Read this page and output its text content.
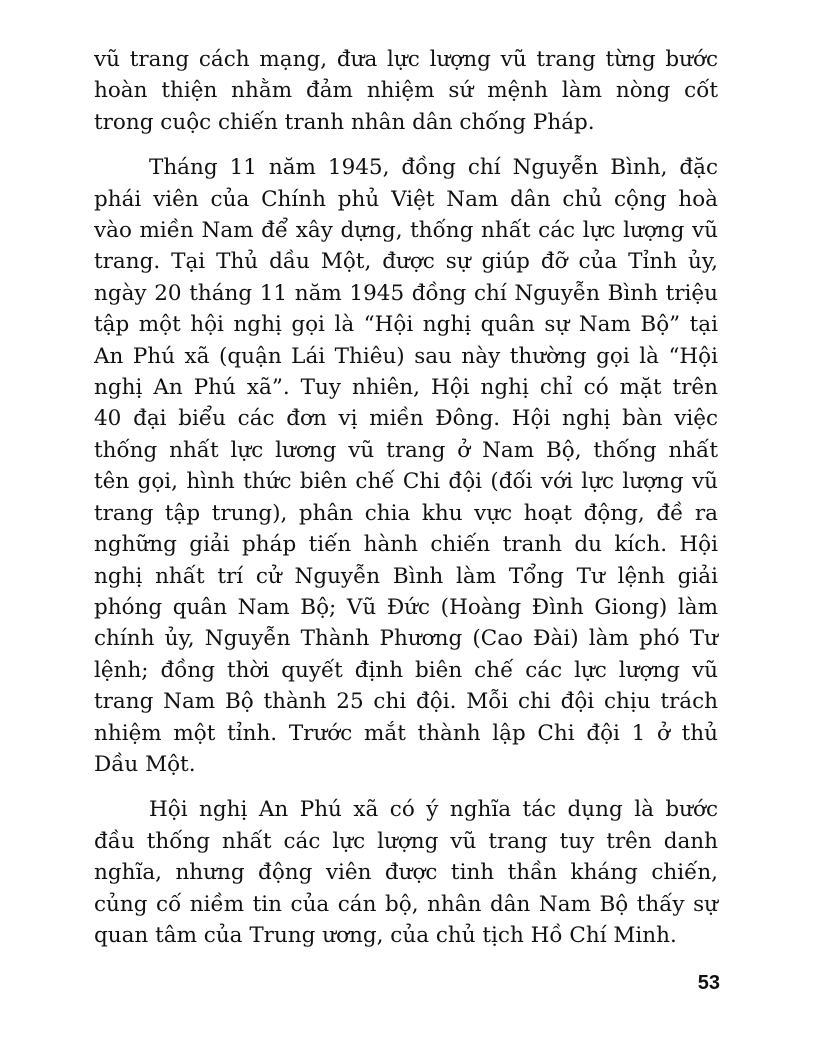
vũ trang cách mạng, đưa lực lượng vũ trang từng bước
hoàn thiện nhằm đảm nhiệm sứ mệnh làm nòng cốt
trong cuộc chiến tranh nhân dân chống Pháp.
Tháng 11 năm 1945, đồng chí Nguyễn Bình, đặc
phái viên của Chính phủ Việt Nam dân chủ cộng hoà
vào miền Nam để xây dựng, thống nhất các lực lượng vũ
trang. Tại Thủ dầu Một, được sự giúp đỡ của Tỉnh ủy,
ngày 20 tháng 11 năm 1945 đồng chí Nguyễn Bình triệu
tập một hội nghị gọi là “Hội nghị quân sự Nam Bộ” tại
An Phú xã (quận Lái Thiêu) sau này thường gọi là “Hội
nghị An Phú xã”. Tuy nhiên, Hội nghị chỉ có mặt trên
40 đại biểu các đơn vị miền Đông. Hội nghị bàn việc
thống nhất lực lương vũ trang ở Nam Bộ, thống nhất
tên gọi, hình thức biên chế Chi đội (đối với lực lượng vũ
trang tập trung), phân chia khu vực hoạt động, đề ra
nghững giải pháp tiến hành chiến tranh du kích. Hội
nghị nhất trí cử Nguyễn Bình làm Tổng Tư lệnh giải
phóng quân Nam Bộ; Vũ Đức (Hoàng Đình Giong) làm
chính ủy, Nguyễn Thành Phương (Cao Đài) làm phó Tư
lệnh; đồng thời quyết định biên chế các lực lượng vũ
trang Nam Bộ thành 25 chi đội. Mỗi chi đội chịu trách
nhiệm một tỉnh. Trước mắt thành lập Chi đội 1 ở thủ
Dầu Một.
Hội nghị An Phú xã có ý nghĩa tác dụng là bước
đầu thống nhất các lực lượng vũ trang tuy trên danh
nghĩa, nhưng động viên được tinh thần kháng chiến,
củng cố niềm tin của cán bộ, nhân dân Nam Bộ thấy sự
quan tâm của Trung ương, của chủ tịch Hồ Chí Minh.
53
